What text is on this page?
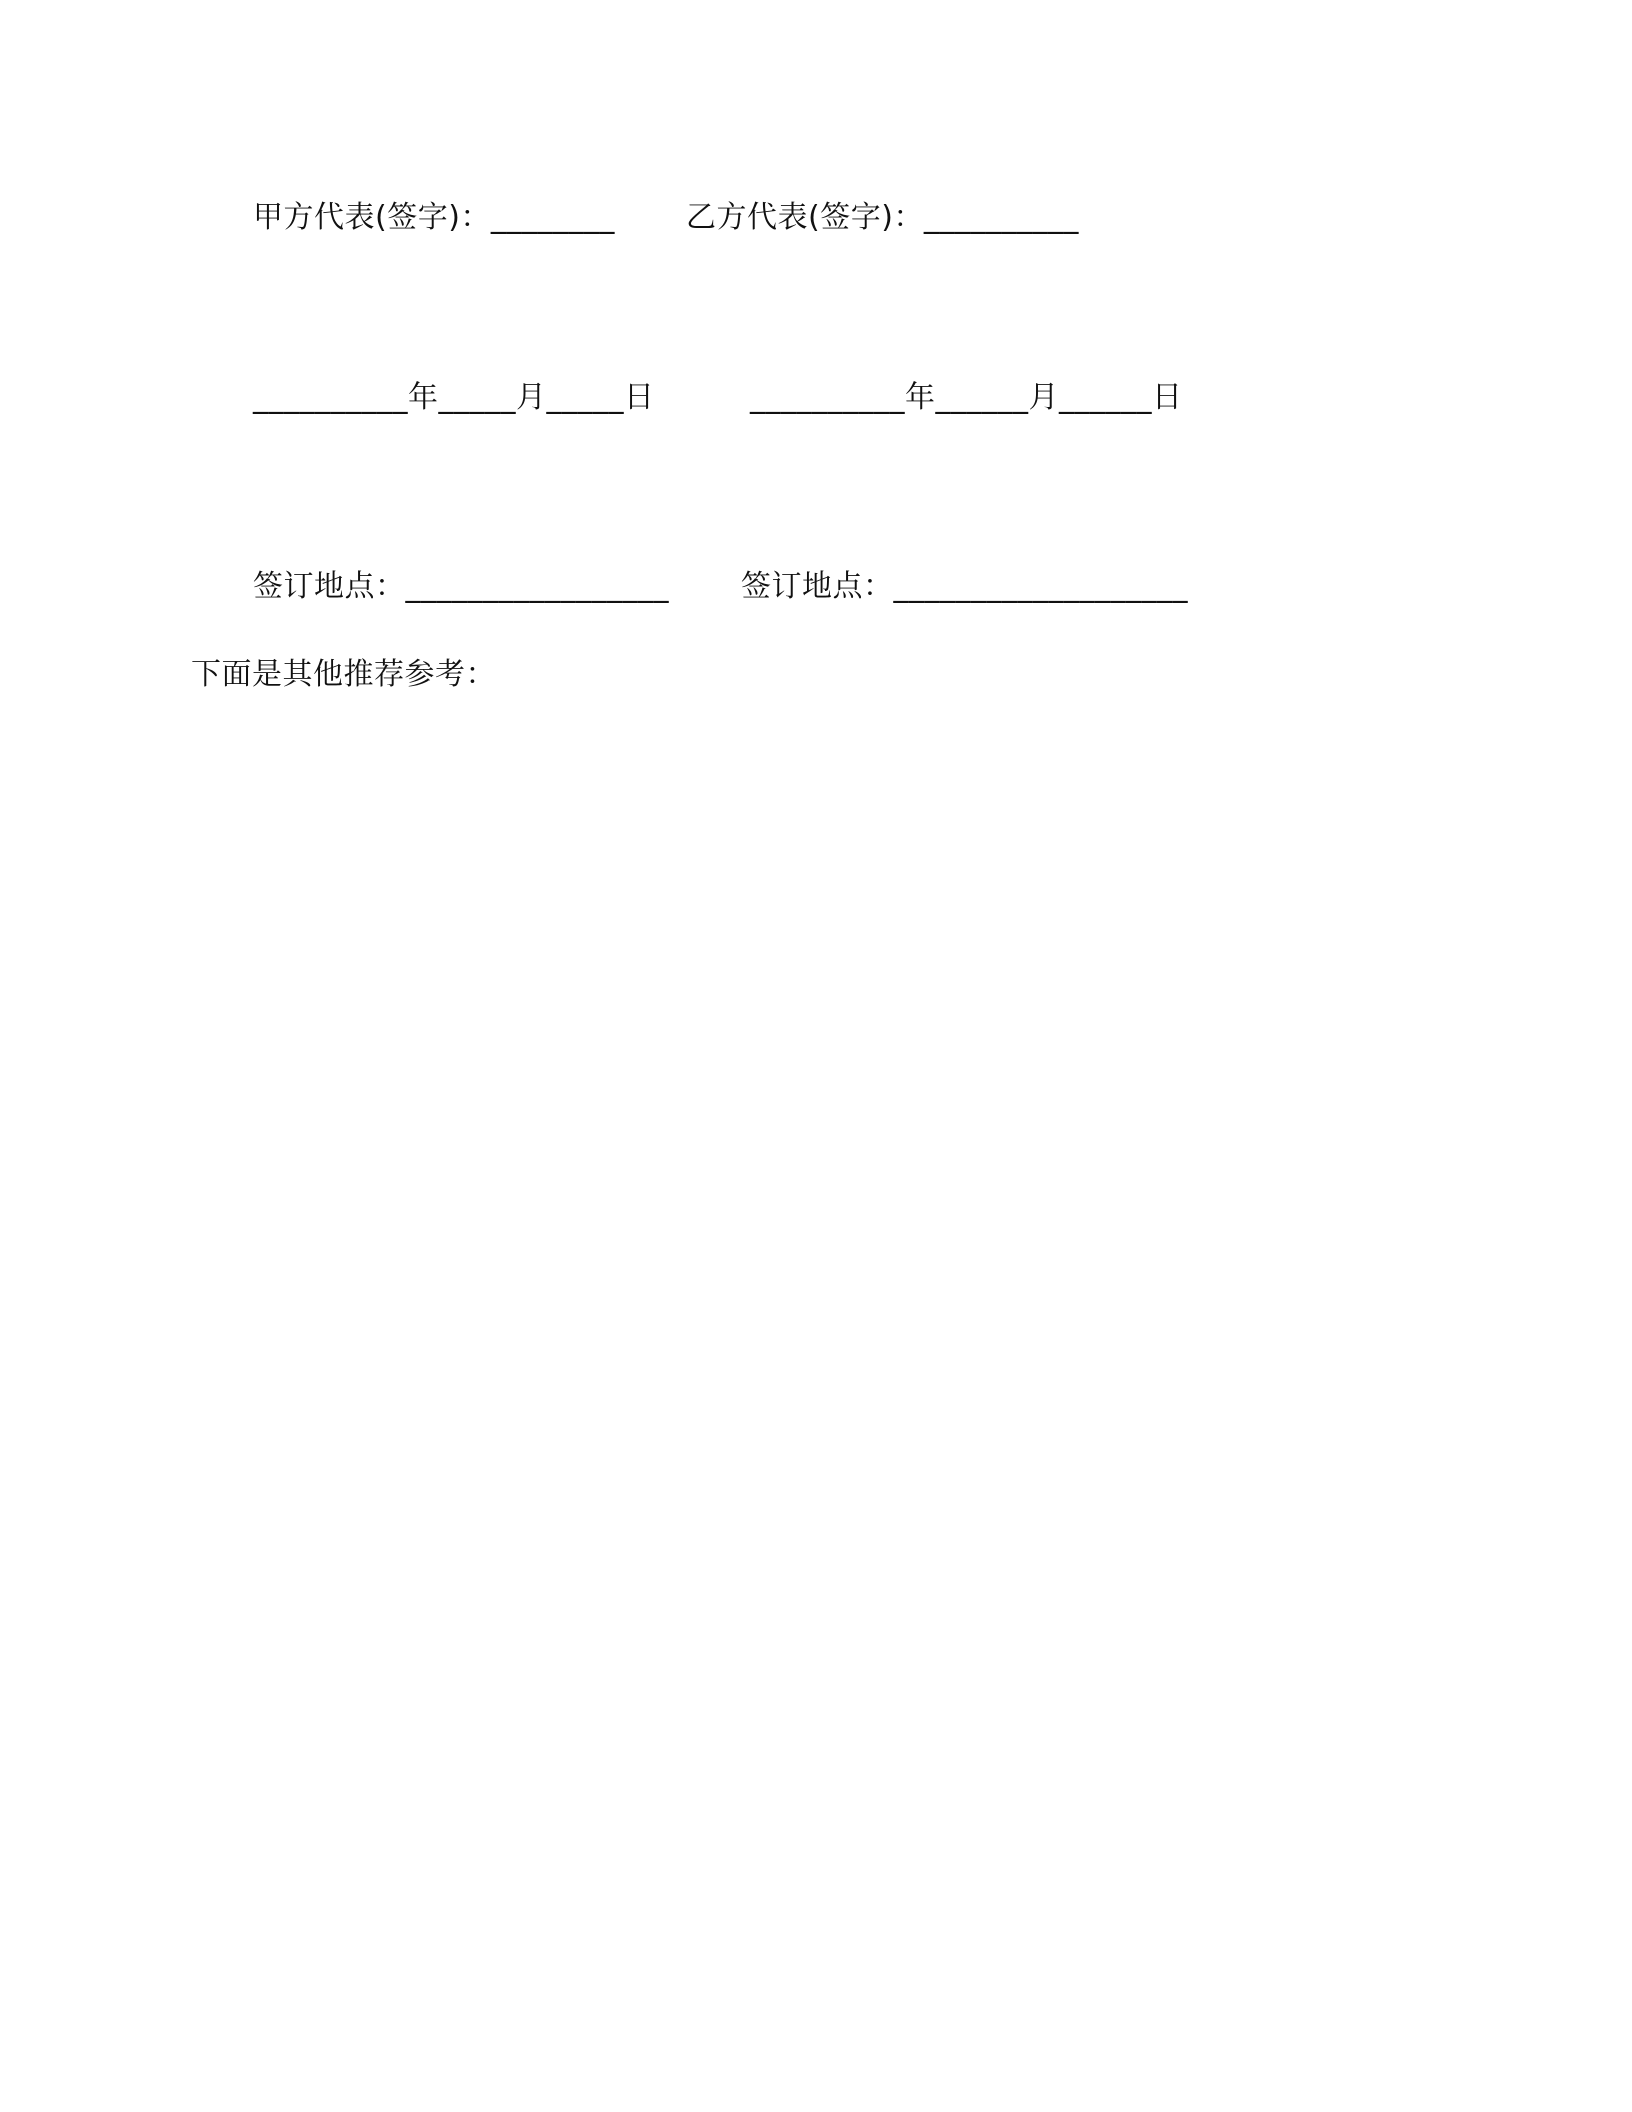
甲方代表(签字)：________ 乙方代表(签字)：__________
__________年_____月_____日	__________年______月______日
签订地点：_________________ 签订地点：___________________
下面是其他推荐参考：
